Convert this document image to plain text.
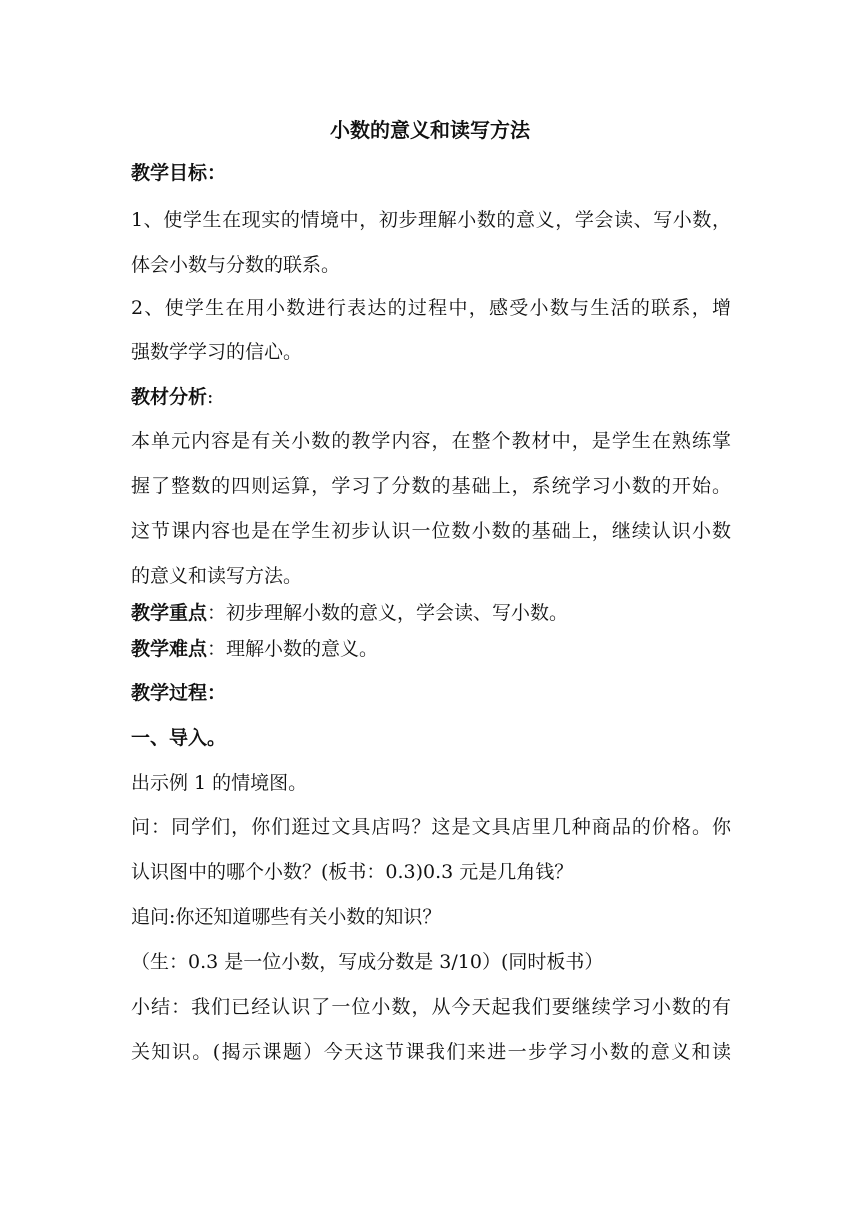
小数的意义和读写方法
教学目标：
1、使学生在现实的情境中，初步理解小数的意义，学会读、写小数，
体会小数与分数的联系。
2、使学生在用小数进行表达的过程中，感受小数与生活的联系，增
强数学学习的信心。
教材分析:
本单元内容是有关小数的教学内容，在整个教材中，是学生在熟练掌
握了整数的四则运算，学习了分数的基础上，系统学习小数的开始。
这节课内容也是在学生初步认识一位数小数的基础上，继续认识小数
的意义和读写方法。
教学重点：初步理解小数的意义，学会读、写小数。
教学难点：理解小数的意义。
教学过程：
一、导入。
出示例 1 的情境图。
问：同学们，你们逛过文具店吗？这是文具店里几种商品的价格。你
认识图中的哪个小数？(板书：0.3)0.3 元是几角钱？
追问:你还知道哪些有关小数的知识？
（生：0.3 是一位小数，写成分数是 3/10）(同时板书）
小结：我们已经认识了一位小数，从今天起我们要继续学习小数的有
关知识。(揭示课题）今天这节课我们来进一步学习小数的意义和读
